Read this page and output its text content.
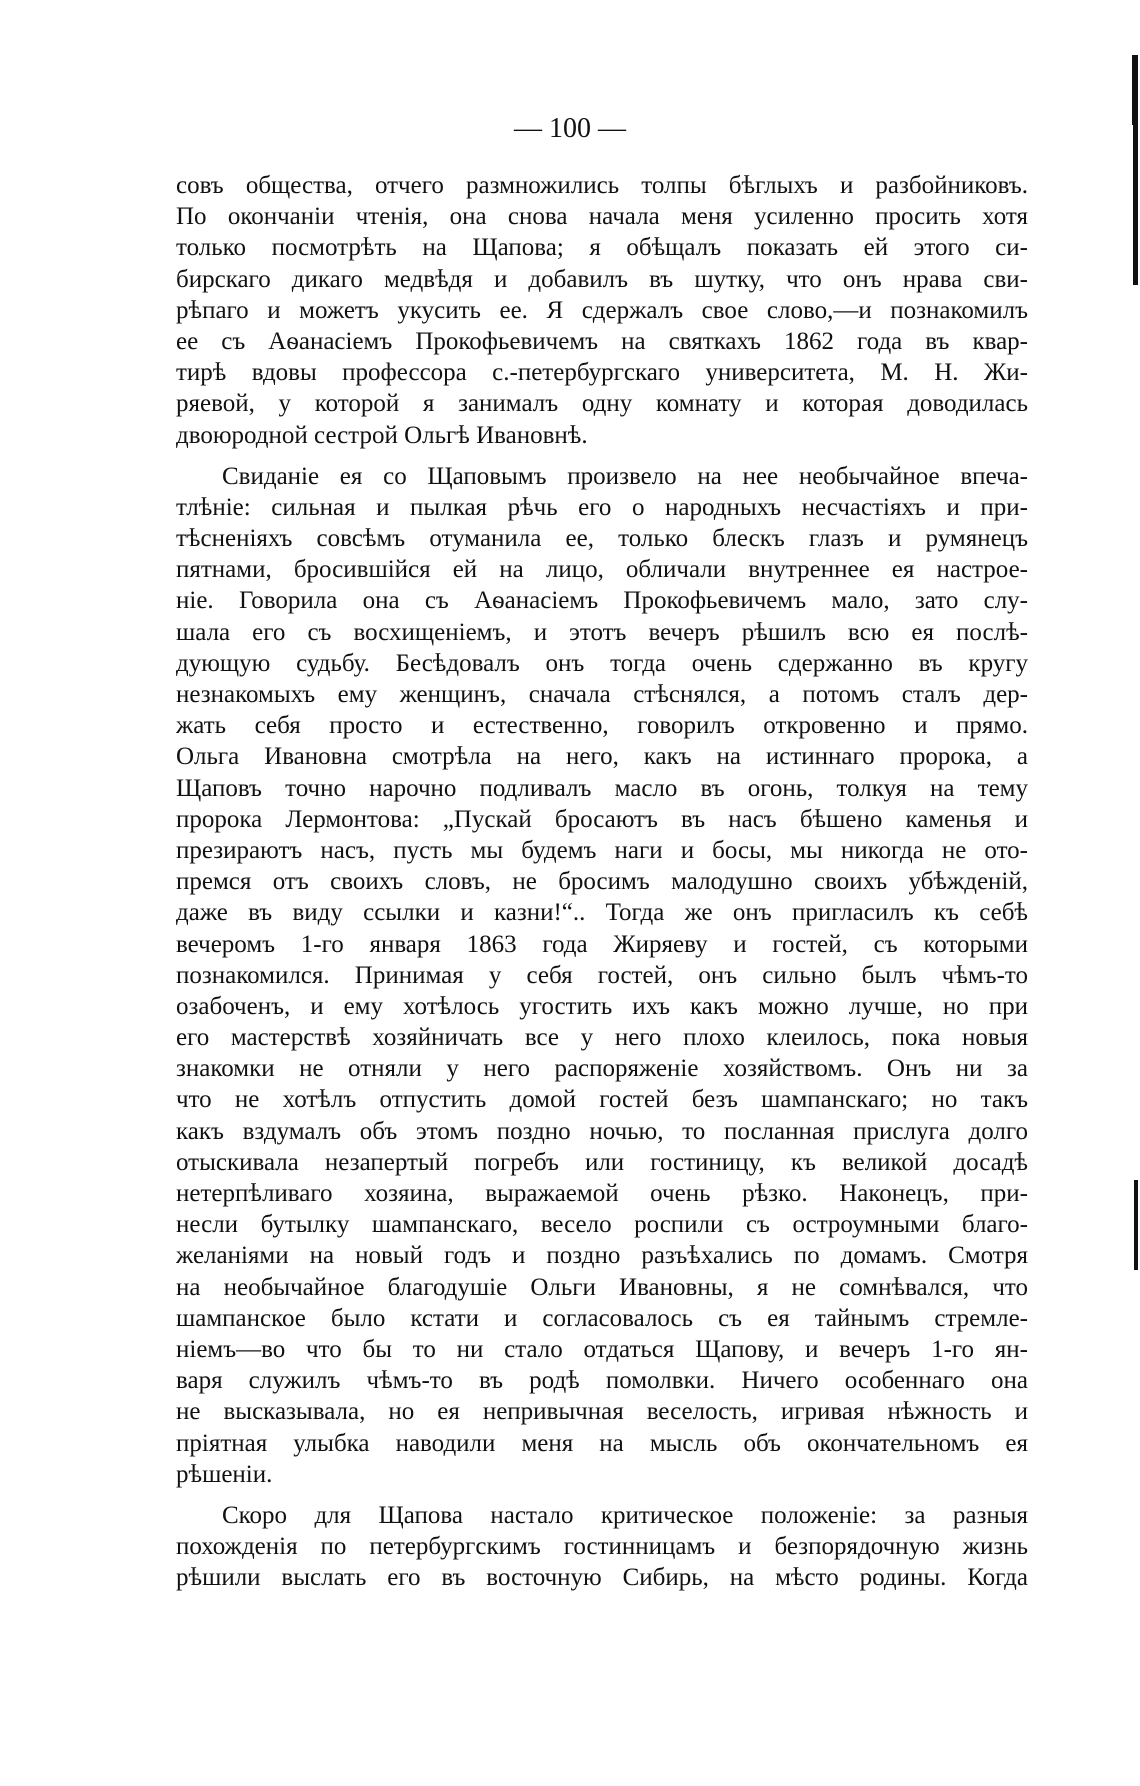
— 100 —
совъ общества, отчего размножились толпы бѣглыхъ и разбойниковъ.
По окончаніи чтенія, она снова начала меня усиленно просить хотя
только посмотрѣть на Щапова; я обѣщалъ показать ей этого си-
бирскаго дикаго медвѣдя и добавилъ въ шутку, что онъ нрава сви-
рѣпаго и можетъ укусить ее. Я сдержалъ свое слово,—и познакомилъ
ее съ Аѳанасіемъ Прокофьевичемъ на святкахъ 1862 года въ квар-
тирѣ вдовы профессора с.-петербургскаго университета, М. Н. Жи-
ряевой, у которой я занималъ одну комнату и которая доводилась
двоюродной сестрой Ольгѣ Ивановнѣ.
Свиданіе ея со Щаповымъ произвело на нее необычайное впеча-
тлѣніе: сильная и пылкая рѣчь его о народныхъ несчастіяхъ и при-
тѣсненіяхъ совсѣмъ отуманила ее, только блескъ глазъ и румянецъ
пятнами, бросившійся ей на лицо, обличали внутреннее ея настрое-
ніе. Говорила она съ Аѳанасіемъ Прокофьевичемъ мало, зато слу-
шала его съ восхищеніемъ, и этотъ вечеръ рѣшилъ всю ея послѣ-
дующую судьбу. Бесѣдовалъ онъ тогда очень сдержанно въ кругу
незнакомыхъ ему женщинъ, сначала стѣснялся, а потомъ сталъ дер-
жать себя просто и естественно, говорилъ откровенно и прямо.
Ольга Ивановна смотрѣла на него, какъ на истиннаго пророка, а
Щаповъ точно нарочно подливалъ масло въ огонь, толкуя на тему
пророка Лермонтова: „Пускай бросаютъ въ насъ бѣшено каменья и
презираютъ насъ, пусть мы будемъ наги и босы, мы никогда не ото-
премся отъ своихъ словъ, не бросимъ малодушно своихъ убѣжденій,
даже въ виду ссылки и казни!“.. Тогда же онъ пригласилъ къ себѣ
вечеромъ 1-го января 1863 года Жиряеву и гостей, съ которыми
познакомился. Принимая у себя гостей, онъ сильно былъ чѣмъ-то
озабоченъ, и ему хотѣлось угостить ихъ какъ можно лучше, но при
его мастерствѣ хозяйничать все у него плохо клеилось, пока новыя
знакомки не отняли у него распоряженіе хозяйствомъ. Онъ ни за
что не хотѣлъ отпустить домой гостей безъ шампанскаго; но такъ
какъ вздумалъ объ этомъ поздно ночью, то посланная прислуга долго
отыскивала незапертый погребъ или гостиницу, къ великой досадѣ
нетерпѣливаго хозяина, выражаемой очень рѣзко. Наконецъ, при-
несли бутылку шампанскаго, весело роспили съ остроумными благо-
желаніями на новый годъ и поздно разъѣхались по домамъ. Смотря
на необычайное благодушіе Ольги Ивановны, я не сомнѣвался, что
шампанское было кстати и согласовалось съ ея тайнымъ стремле-
ніемъ—во что бы то ни стало отдаться Щапову, и вечеръ 1-го ян-
варя служилъ чѣмъ-то въ родѣ помолвки. Ничего особеннаго она
не высказывала, но ея непривычная веселость, игривая нѣжность и
пріятная улыбка наводили меня на мысль объ окончательномъ ея
рѣшеніи.
Скоро для Щапова настало критическое положеніе: за разныя
похожденія по петербургскимъ гостинницамъ и безпорядочную жизнь
рѣшили выслать его въ восточную Сибирь, на мѣсто родины. Когда
